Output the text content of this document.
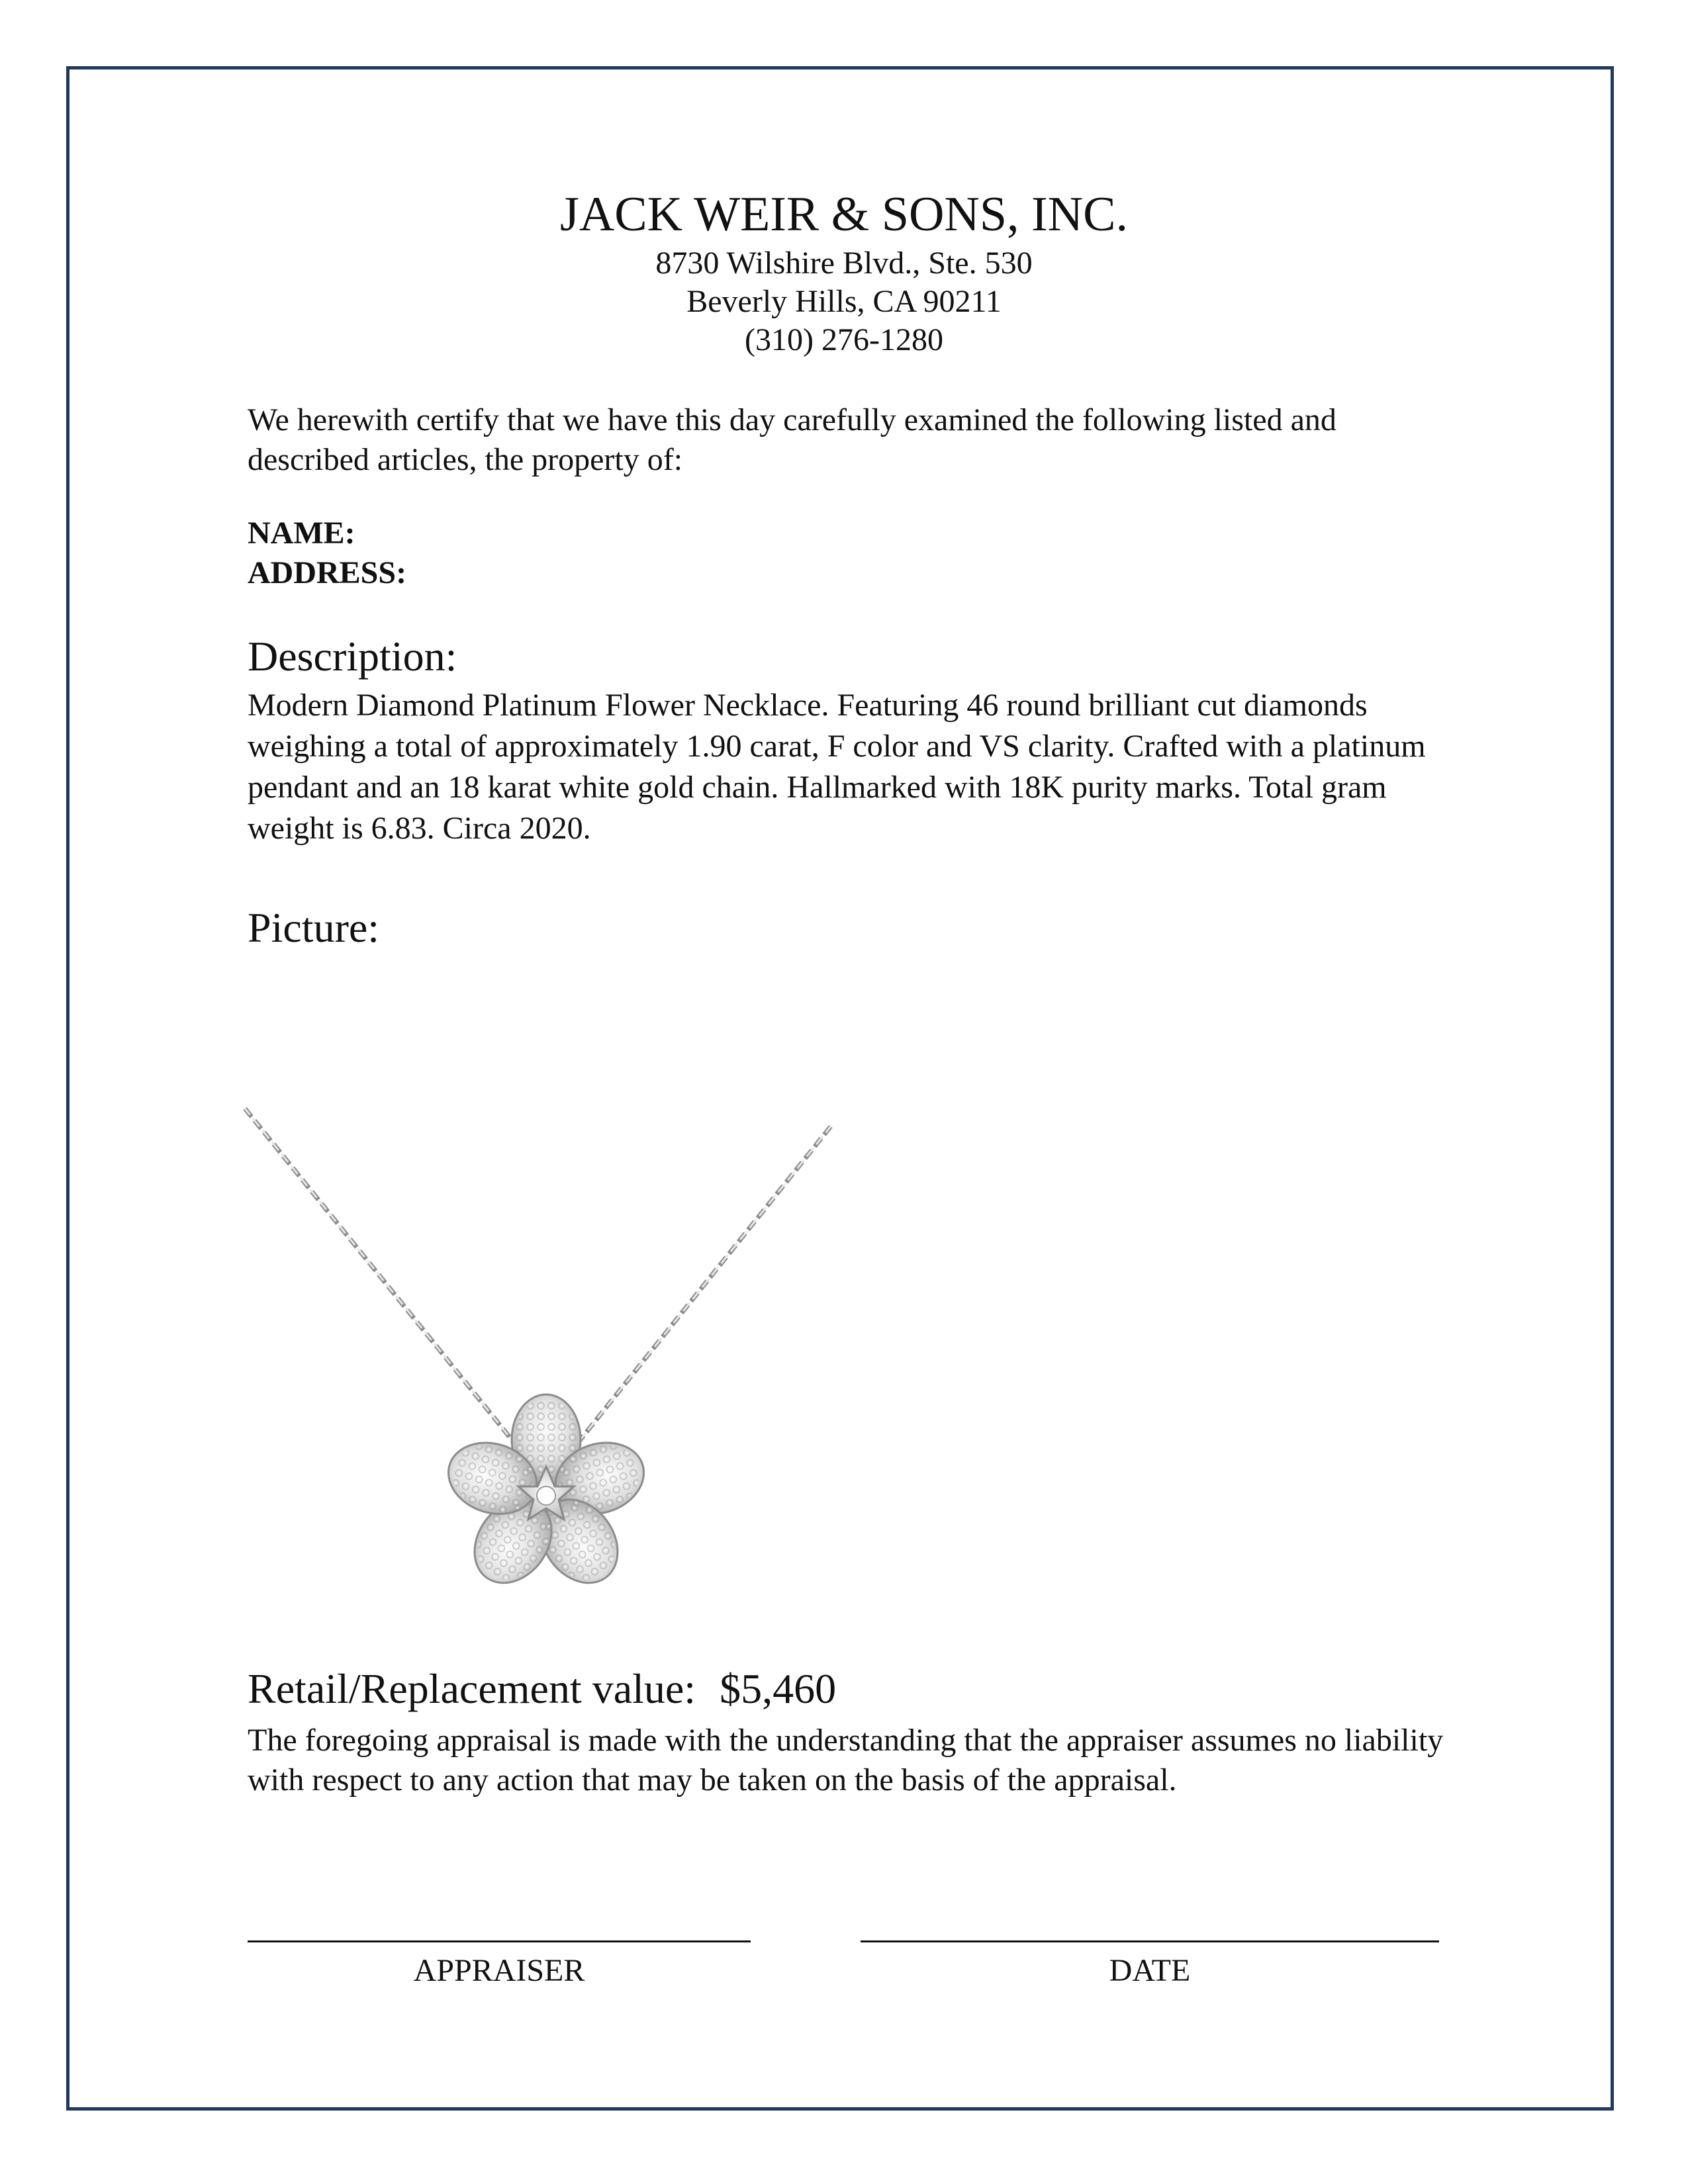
JACK WEIR & SONS, INC.
8730 Wilshire Blvd., Ste. 530
Beverly Hills, CA 90211
(310) 276-1280
We herewith certify that we have this day carefully examined the following listed and described articles, the property of:
NAME:
ADDRESS:
Description:
Modern Diamond Platinum Flower Necklace. Featuring 46 round brilliant cut diamonds weighing a total of approximately 1.90 carat, F color and VS clarity. Crafted with a platinum pendant and an 18 karat white gold chain. Hallmarked with 18K purity marks. Total gram weight is 6.83. Circa 2020.
Picture:
Retail/Replacement value: $5,460
The foregoing appraisal is made with the understanding that the appraiser assumes no liability with respect to any action that may be taken on the basis of the appraisal.
APPRAISER	DATE
